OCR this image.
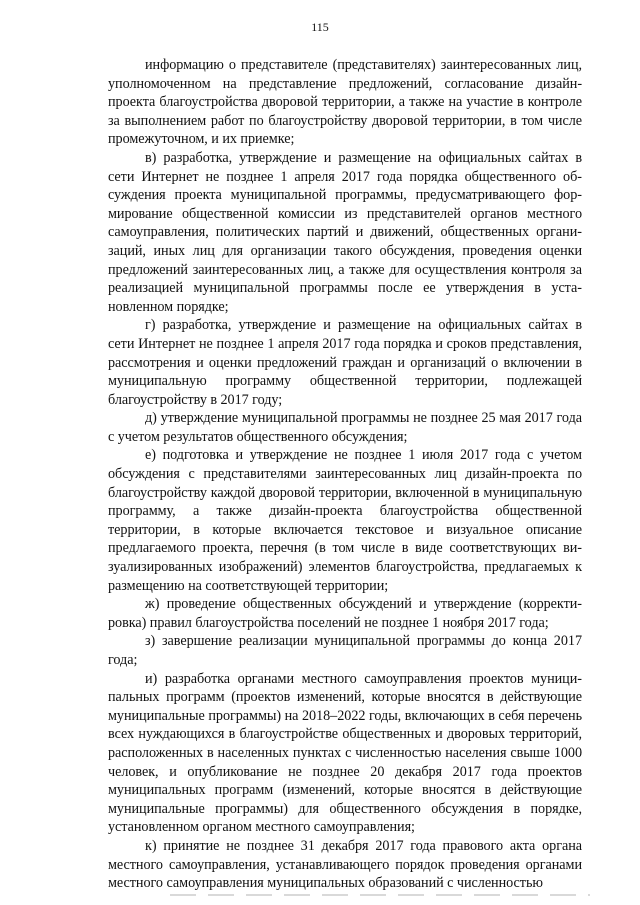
115

информацию о представителе (представителях) заинтересованных лиц, уполномоченном на представление предложений, согласование дизайн-проекта благоустройства дворовой территории, а также на участие в контроле за выполнением работ по благоустройству дворовой территории, в том числе промежуточном, и их приемке;

в) разработка, утверждение и размещение на официальных сайтах в сети Интернет не позднее 1 апреля 2017 года порядка общественного обсуждения проекта муниципальной программы, предусматривающего формирование общественной комиссии из представителей органов местного самоуправления, политических партий и движений, общественных организаций, иных лиц для организации такого обсуждения, проведения оценки предложений заинтересованных лиц, а также для осуществления контроля за реализацией муниципальной программы после ее утверждения в установленном порядке;

г) разработка, утверждение и размещение на официальных сайтах в сети Интернет не позднее 1 апреля 2017 года порядка и сроков представления, рассмотрения и оценки предложений граждан и организаций о включении в муниципальную программу общественной территории, подлежащей благоустройству в 2017 году;

д) утверждение муниципальной программы не позднее 25 мая 2017 года с учетом результатов общественного обсуждения;

е) подготовка и утверждение не позднее 1 июля 2017 года с учетом обсуждения с представителями заинтересованных лиц дизайн-проекта по благоустройству каждой дворовой территории, включенной в муниципальную программу, а также дизайн-проекта благоустройства общественной территории, в которые включается текстовое и визуальное описание предлагаемого проекта, перечня (в том числе в виде соответствующих визуализированных изображений) элементов благоустройства, предлагаемых к размещению на соответствующей территории;

ж) проведение общественных обсуждений и утверждение (корректировка) правил благоустройства поселений не позднее 1 ноября 2017 года;

з) завершение реализации муниципальной программы до конца 2017 года;

и) разработка органами местного самоуправления проектов муниципальных программ (проектов изменений, которые вносятся в действующие муниципальные программы) на 2018–2022 годы, включающих в себя перечень всех нуждающихся в благоустройстве общественных и дворовых территорий, расположенных в населенных пунктах с численностью населения свыше 1000 человек, и опубликование не позднее 20 декабря 2017 года проектов муниципальных программ (изменений, которые вносятся в действующие муниципальные программы) для общественного обсуждения в порядке, установленном органом местного самоуправления;

к) принятие не позднее 31 декабря 2017 года правового акта органа местного самоуправления, устанавливающего порядок проведения органами местного самоуправления муниципальных образований с численностью
